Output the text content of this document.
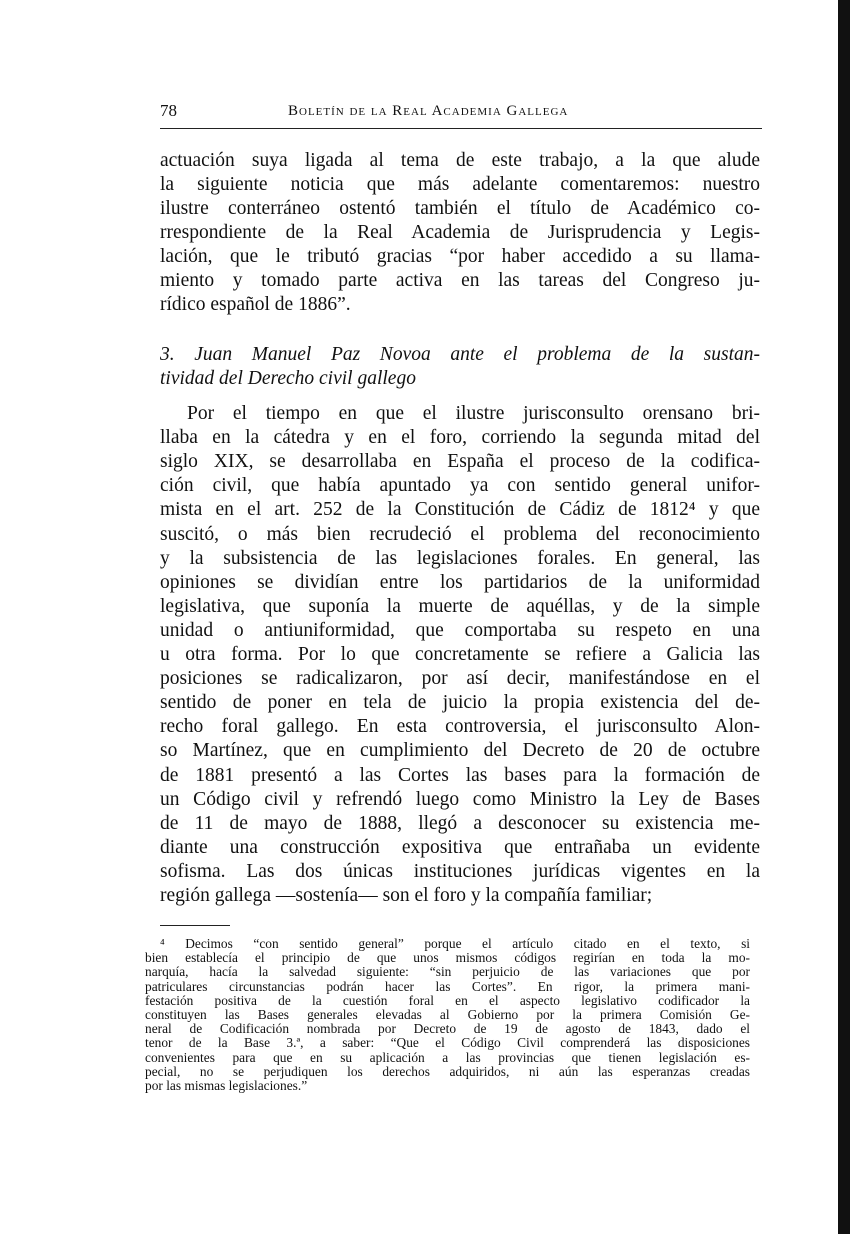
78	Boletín de la Real Academia Gallega
actuación suya ligada al tema de este trabajo, a la que alude
la siguiente noticia que más adelante comentaremos: nuestro
ilustre conterráneo ostentó también el título de Académico co-
rrespondiente de la Real Academia de Jurisprudencia y Legis-
lación, que le tributó gracias “por haber accedido a su llama-
miento y tomado parte activa en las tareas del Congreso ju-
rídico español de 1886”.
3. Juan Manuel Paz Novoa ante el problema de la sustan-
tividad del Derecho civil gallego
Por el tiempo en que el ilustre jurisconsulto orensano bri-
llaba en la cátedra y en el foro, corriendo la segunda mitad del
siglo XIX, se desarrollaba en España el proceso de la codifica-
ción civil, que había apuntado ya con sentido general unifor-
mista en el art. 252 de la Constitución de Cádiz de 1812⁴ y que
suscitó, o más bien recrudeció el problema del reconocimiento
y la subsistencia de las legislaciones forales. En general, las
opiniones se dividían entre los partidarios de la uniformidad
legislativa, que suponía la muerte de aquéllas, y de la simple
unidad o antiuniformidad, que comportaba su respeto en una
u otra forma. Por lo que concretamente se refiere a Galicia las
posiciones se radicalizaron, por así decir, manifestándose en el
sentido de poner en tela de juicio la propia existencia del de-
recho foral gallego. En esta controversia, el jurisconsulto Alon-
so Martínez, que en cumplimiento del Decreto de 20 de octubre
de 1881 presentó a las Cortes las bases para la formación de
un Código civil y refrendó luego como Ministro la Ley de Bases
de 11 de mayo de 1888, llegó a desconocer su existencia me-
diante una construcción expositiva que entrañaba un evidente
sofisma. Las dos únicas instituciones jurídicas vigentes en la
región gallega —sostenía— son el foro y la compañía familiar;
⁴ Decimos “con sentido general” porque el artículo citado en el texto, si
bien establecía el principio de que unos mismos códigos regirían en toda la mo-
narquía, hacía la salvedad siguiente: “sin perjuicio de las variaciones que por
patriculares circunstancias podrán hacer las Cortes”. En rigor, la primera mani-
festación positiva de la cuestión foral en el aspecto legislativo codificador la
constituyen las Bases generales elevadas al Gobierno por la primera Comisión Ge-
neral de Codificación nombrada por Decreto de 19 de agosto de 1843, dado el
tenor de la Base 3.ª, a saber: “Que el Código Civil comprenderá las disposiciones
convenientes para que en su aplicación a las provincias que tienen legislación es-
pecial, no se perjudiquen los derechos adquiridos, ni aún las esperanzas creadas
por las mismas legislaciones.”
